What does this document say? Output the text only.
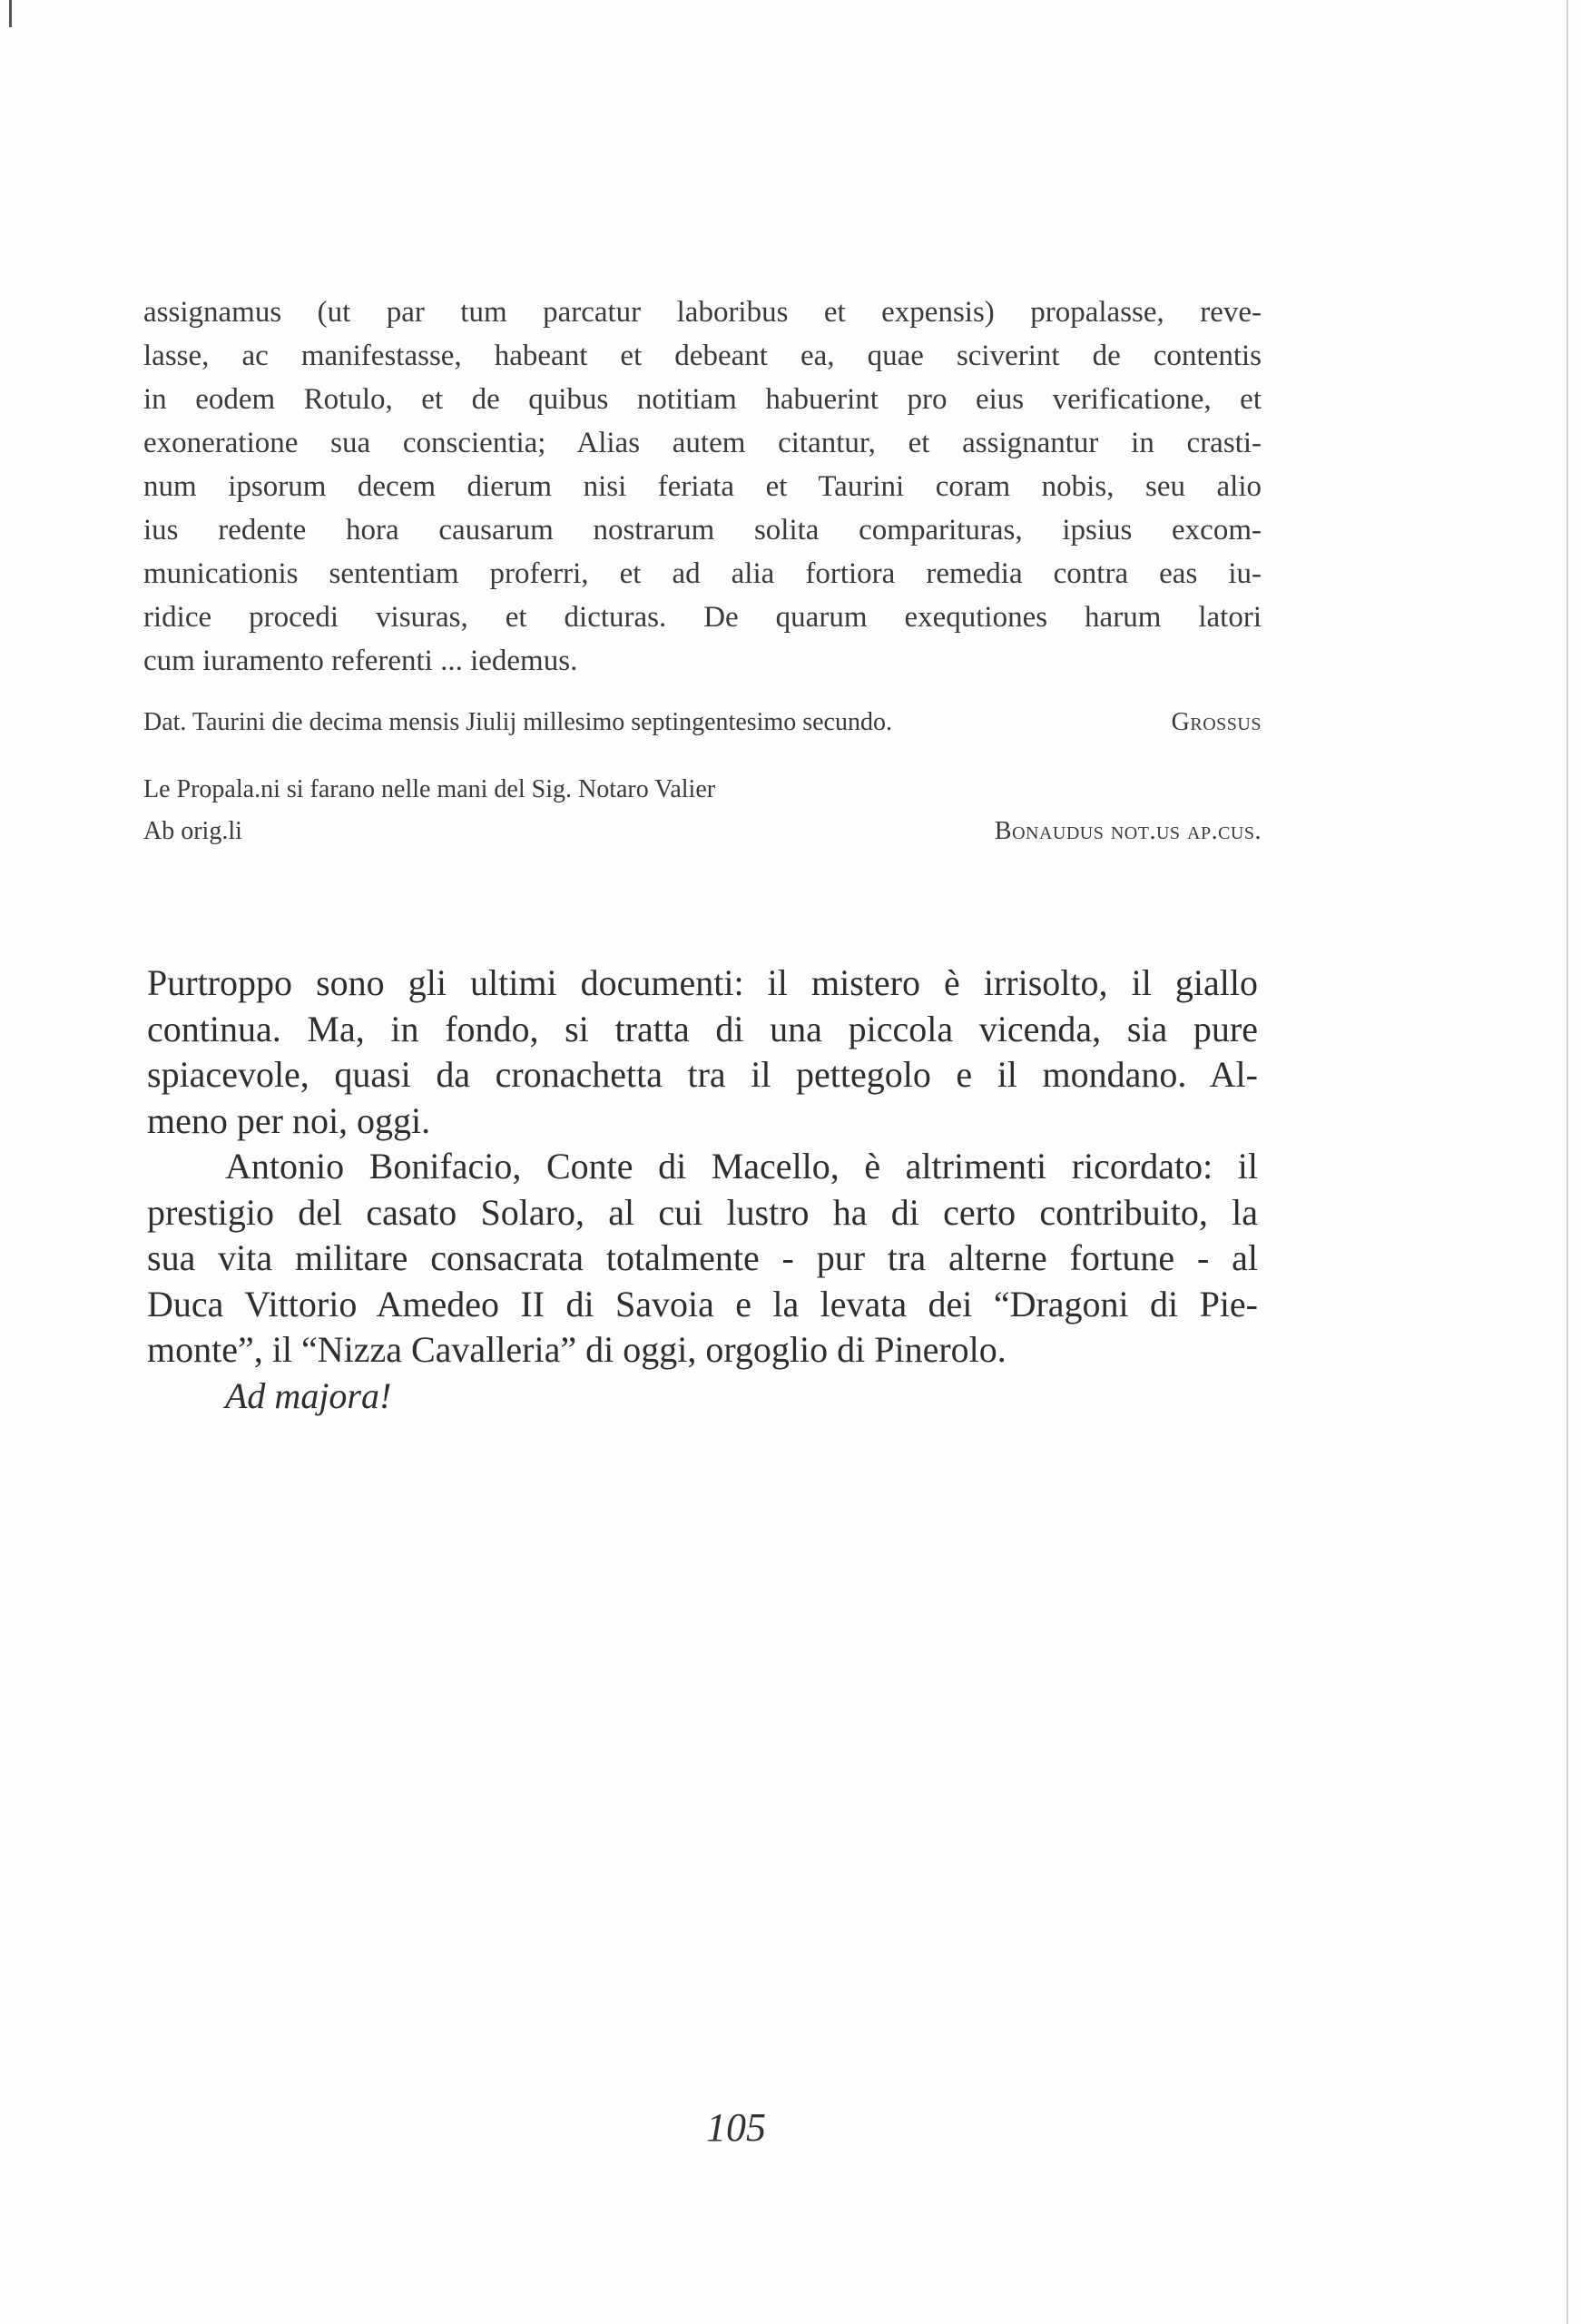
assignamus (ut par tum parcatur laboribus et expensis) propalasse, reve-
lasse, ac manifestasse, habeant et debeant ea, quae sciverint de contentis
in eodem Rotulo, et de quibus notitiam habuerint pro eius verificatione, et
exoneratione sua conscientia; Alias autem citantur, et assignantur in crasti-
num ipsorum decem dierum nisi feriata et Taurini coram nobis, seu alio
ius redente hora causarum nostrarum solita comparituras, ipsius excom-
municationis sententiam proferri, et ad alia fortiora remedia contra eas iu-
ridice procedi visuras, et dicturas. De quarum exequtiones harum latori
cum iuramento referenti ... iedemus.
Dat. Taurini die decima mensis Jiulij millesimo septingentesimo secundo.	Grossus
Le Propala.ni si farano nelle mani del Sig. Notaro Valier
Ab orig.li	Bonaudus not.us ap.cus.
Purtroppo sono gli ultimi documenti: il mistero è irrisolto, il giallo
continua. Ma, in fondo, si tratta di una piccola vicenda, sia pure
spiacevole, quasi da cronachetta tra il pettegolo e il mondano. Al-
meno per noi, oggi.
Antonio Bonifacio, Conte di Macello, è altrimenti ricordato: il
prestigio del casato Solaro, al cui lustro ha di certo contribuito, la
sua vita militare consacrata totalmente - pur tra alterne fortune - al
Duca Vittorio Amedeo II di Savoia e la levata dei “Dragoni di Pie-
monte”, il “Nizza Cavalleria” di oggi, orgoglio di Pinerolo.
Ad majora!
105
